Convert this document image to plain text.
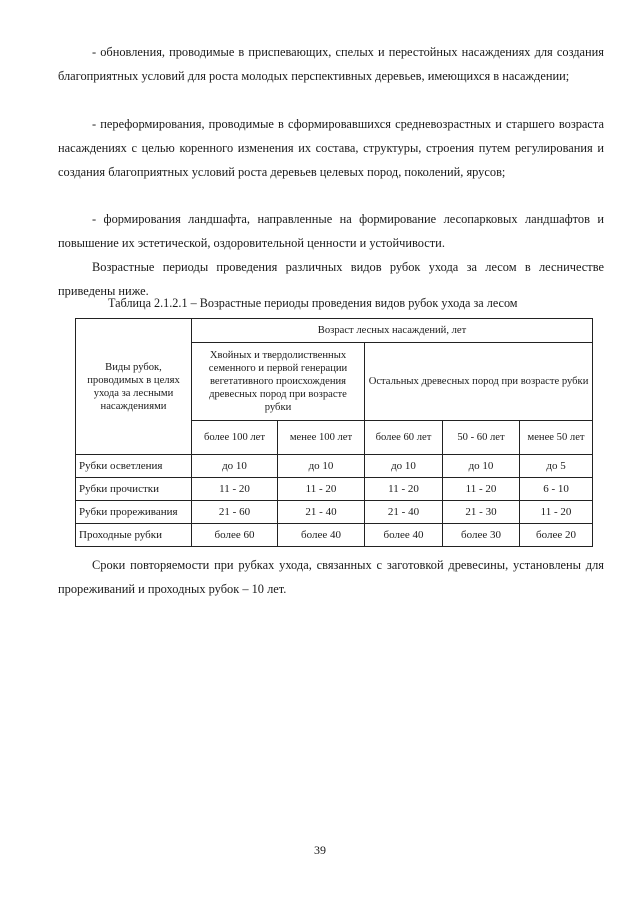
- обновления, проводимые в приспевающих, спелых и перестойных насаждениях для создания благоприятных условий для роста молодых перспективных деревьев, имеющихся в насаждении;

- переформирования, проводимые в сформировавшихся средневозрастных и старшего возраста насаждениях с целью коренного изменения их состава, структуры, строения путем регулирования и создания благоприятных условий роста деревьев целевых пород, поколений, ярусов;

- формирования ландшафта, направленные на формирование лесопарковых ландшафтов и повышение их эстетической, оздоровительной ценности и устойчивости.

Возрастные периоды проведения различных видов рубок ухода за лесом в лесничестве приведены ниже.

Таблица 2.1.2.1 – Возрастные периоды проведения видов рубок ухода за лесом

Виды рубок, проводимых в целях ухода за лесными насаждениями	Возраст лесных насаждений, лет				
	Хвойных и твердолиственных семенного и первой генерации вегетативного происхождения древесных пород при возрасте рубки		Остальных древесных пород при возрасте рубки		
	более 100 лет	менее 100 лет	более 60 лет	50 - 60 лет	менее 50 лет
Рубки осветления	до 10	до 10	до 10	до 10	до 5
Рубки прочистки	11 - 20	11 - 20	11 - 20	11 - 20	6 - 10
Рубки прореживания	21 - 60	21 - 40	21 - 40	21 - 30	11 - 20
Проходные рубки	более 60	более 40	более 40	более 30	более 20

Сроки повторяемости при рубках ухода, связанных с заготовкой древесины, установлены для прореживаний и проходных рубок – 10 лет.

39
